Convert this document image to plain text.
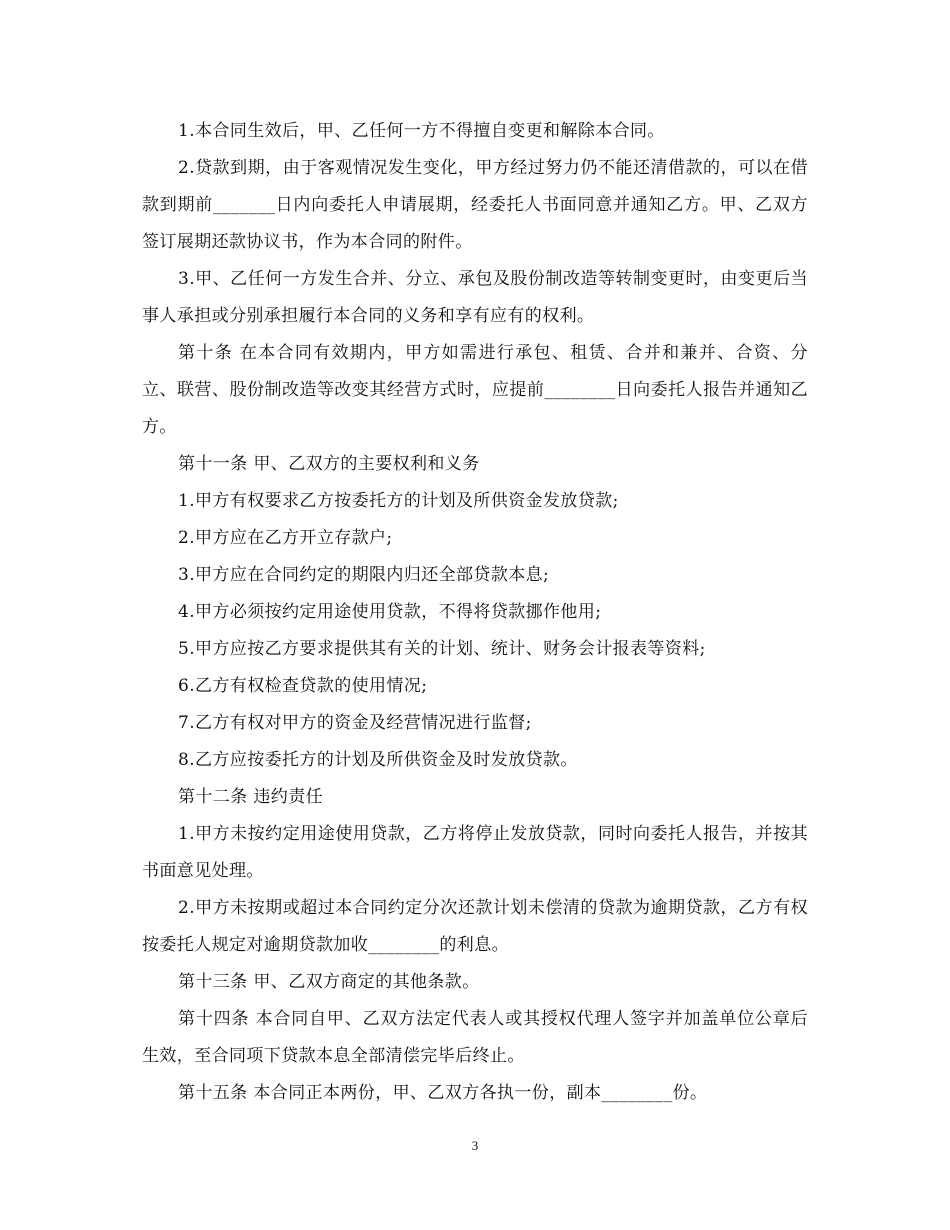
1.本合同生效后，甲、乙任何一方不得擅自变更和解除本合同。

2.贷款到期，由于客观情况发生变化，甲方经过努力仍不能还清借款的，可以在借款到期前_______日内向委托人申请展期，经委托人书面同意并通知乙方。甲、乙双方签订展期还款协议书，作为本合同的附件。

3.甲、乙任何一方发生合并、分立、承包及股份制改造等转制变更时，由变更后当事人承担或分别承担履行本合同的义务和享有应有的权利。

第十条 在本合同有效期内，甲方如需进行承包、租赁、合并和兼并、合资、分立、联营、股份制改造等改变其经营方式时，应提前________日向委托人报告并通知乙方。

第十一条 甲、乙双方的主要权利和义务

1.甲方有权要求乙方按委托方的计划及所供资金发放贷款;

2.甲方应在乙方开立存款户;

3.甲方应在合同约定的期限内归还全部贷款本息;

4.甲方必须按约定用途使用贷款，不得将贷款挪作他用;

5.甲方应按乙方要求提供其有关的计划、统计、财务会计报表等资料;

6.乙方有权检查贷款的使用情况;

7.乙方有权对甲方的资金及经营情况进行监督;

8.乙方应按委托方的计划及所供资金及时发放贷款。

第十二条 违约责任

1.甲方未按约定用途使用贷款，乙方将停止发放贷款，同时向委托人报告，并按其书面意见处理。

2.甲方未按期或超过本合同约定分次还款计划未偿清的贷款为逾期贷款，乙方有权按委托人规定对逾期贷款加收________的利息。

第十三条 甲、乙双方商定的其他条款。

第十四条 本合同自甲、乙双方法定代表人或其授权代理人签字并加盖单位公章后生效，至合同项下贷款本息全部清偿完毕后终止。

第十五条 本合同正本两份，甲、乙双方各执一份，副本________份。

3
